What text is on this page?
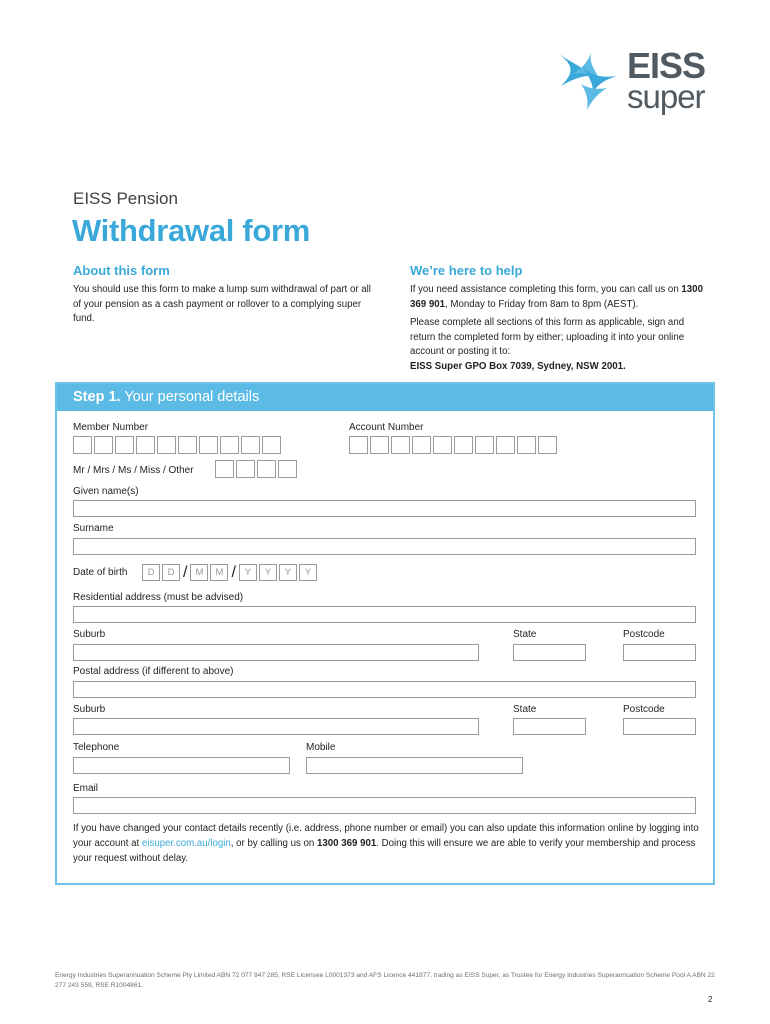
EISS
super
EISS Pension
Withdrawal form
About this form
You should use this form to make a lump sum withdrawal of part or all of your pension as a cash payment or rollover to a complying super fund.
We’re here to help
If you need assistance completing this form, you can call us on 1300 369 901, Monday to Friday from 8am to 8pm (AEST).
Please complete all sections of this form as applicable, sign and return the completed form by either; uploading it into your online account or posting it to:
EISS Super GPO Box 7039, Sydney, NSW 2001.
Step 1. Your personal details
Member Number	Account Number
Mr / Mrs / Ms / Miss / Other
Given name(s)
Surname
Date of birth	D	D / M	M / Y	Y	Y	Y
Residential address (must be advised)
Suburb	State	Postcode
Postal address (if different to above)
Suburb	State	Postcode
Telephone	Mobile
Email
If you have changed your contact details recently (i.e. address, phone number or email) you can also update this information online by logging into your account at eisuper.com.au/login, or by calling us on 1300 369 901. Doing this will ensure we are able to verify your membership and process your request without delay.
Energy Industries Superannuation Scheme Pty Limited ABN 72 077 947 285, RSE Licensee L0001373 and AFS Licence 441877, trading as EISS Super, as Trustee for Energy Industries Superannuation Scheme Pool A ABN 22 277 243 559, RSE R1004861.
2
